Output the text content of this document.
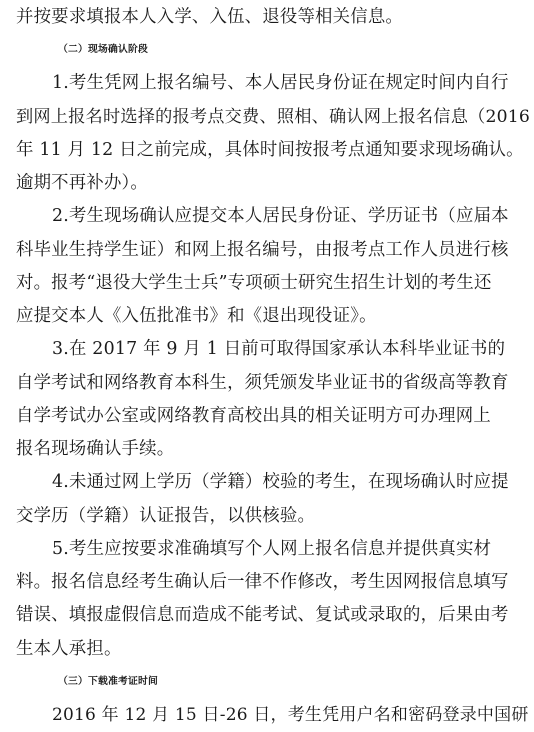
并按要求填报本人入学、入伍、退役等相关信息。
（二）现场确认阶段
1.考生凭网上报名编号、本人居民身份证在规定时间内自行
到网上报名时选择的报考点交费、照相、确认网上报名信息（2016
年 11 月 12 日之前完成，具体时间按报考点通知要求现场确认。
逾期不再补办）。
2.考生现场确认应提交本人居民身份证、学历证书（应届本
科毕业生持学生证）和网上报名编号，由报考点工作人员进行核
对。报考“退役大学生士兵”专项硕士研究生招生计划的考生还
应提交本人《入伍批准书》和《退出现役证》。
3.在 2017 年 9 月 1 日前可取得国家承认本科毕业证书的
自学考试和网络教育本科生，须凭颁发毕业证书的省级高等教育
自学考试办公室或网络教育高校出具的相关证明方可办理网上
报名现场确认手续。
4.未通过网上学历（学籍）校验的考生，在现场确认时应提
交学历（学籍）认证报告，以供核验。
5.考生应按要求准确填写个人网上报名信息并提供真实材
料。报名信息经考生确认后一律不作修改，考生因网报信息填写
错误、填报虚假信息而造成不能考试、复试或录取的，后果由考
生本人承担。
（三）下载准考证时间
2016 年 12 月 15 日-26 日，考生凭用户名和密码登录中国研
